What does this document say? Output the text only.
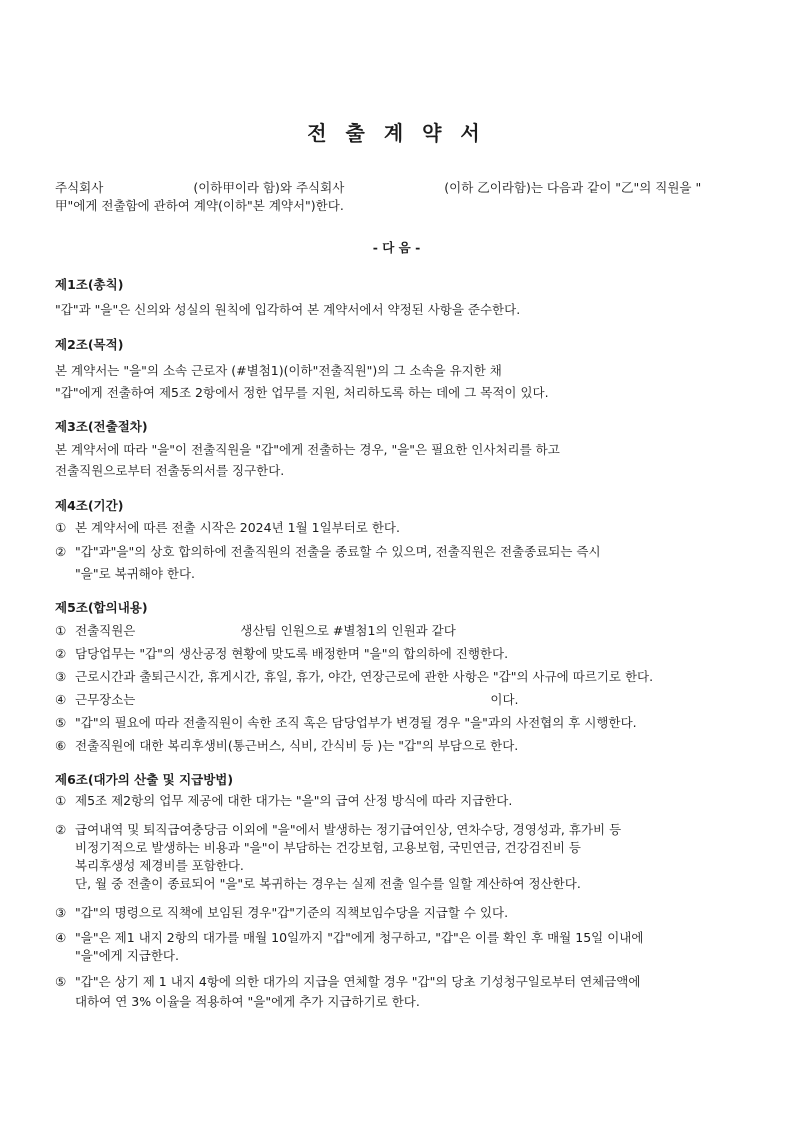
전 출 계 약 서
주식회사	(이하甲이라 함)와 주식회사	(이하 乙이라함)는 다음과 같이 "乙"의 직원을 "
甲"에게 전출함에 관하여 계약(이하"본 계약서")한다.
- 다 음 -
제1조(총칙)
"갑"과 "을"은 신의와 성실의 원칙에 입각하여 본 계약서에서 약정된 사항을 준수한다.
제2조(목적)
본 계약서는 "을"의 소속 근로자 (#별첨1)(이하"전출직원")의 그 소속을 유지한 채
"갑"에게 전출하여 제5조 2항에서 정한 업무를 지원, 처리하도록 하는 데에 그 목적이 있다.
제3조(전출절차)
본 계약서에 따라 "을"이 전출직원을 "갑"에게 전출하는 경우, "을"은 필요한 인사처리를 하고
전출직원으로부터 전출동의서를 징구한다.
제4조(기간)
① 본 계약서에 따른 전출 시작은 2024년 1월 1일부터로 한다.
② "갑"과"을"의 상호 합의하에 전출직원의 전출을 종료할 수 있으며, 전출직원은 전출종료되는 즉시
"을"로 복귀해야 한다.
제5조(합의내용)
① 전출직원은	생산팀 인원으로 #별첨1의 인원과 같다
② 담당업무는 "갑"의 생산공정 현황에 맞도록 배정한며 "을"의 합의하에 진행한다.
③ 근로시간과 출퇴근시간, 휴게시간, 휴일, 휴가, 야간, 연장근로에 관한 사항은 "갑"의 사규에 따르기로 한다.
④ 근무장소는	이다.
⑤ "갑"의 필요에 따라 전출직원이 속한 조직 혹은 담당업부가 변경될 경우 "을"과의 사전협의 후 시행한다.
⑥ 전출직원에 대한 복리후생비(통근버스, 식비, 간식비 등 )는 "갑"의 부담으로 한다.
제6조(대가의 산출 및 지급방법)
① 제5조 제2항의 업무 제공에 대한 대가는 "을"의 급여 산정 방식에 따라 지급한다.
② 급여내역 및 퇴직급여충당금 이외에 "을"에서 발생하는 정기급여인상, 연차수당, 경영성과, 휴가비 등
비정기적으로 발생하는 비용과 "을"이 부담하는 건강보험, 고용보험, 국민연금, 건강검진비 등
복리후생성 제경비를 포함한다.
단, 월 중 전출이 종료되어 "을"로 복귀하는 경우는 실제 전출 일수를 일할 계산하여 정산한다.
③ "갑"의 명령으로 직책에 보임된 경우"갑"기준의 직책보임수당을 지급할 수 있다.
④ "을"은 제1 내지 2항의 대가를 매월 10일까지 "갑"에게 청구하고, "갑"은 이를 확인 후 매월 15일 이내에
"을"에게 지급한다.
⑤ "갑"은 상기 제 1 내지 4항에 의한 대가의 지급을 연체할 경우 "갑"의 당초 기성청구일로부터 연체금액에
대하여 연 3% 이율을 적용하여 "을"에게 추가 지급하기로 한다.
